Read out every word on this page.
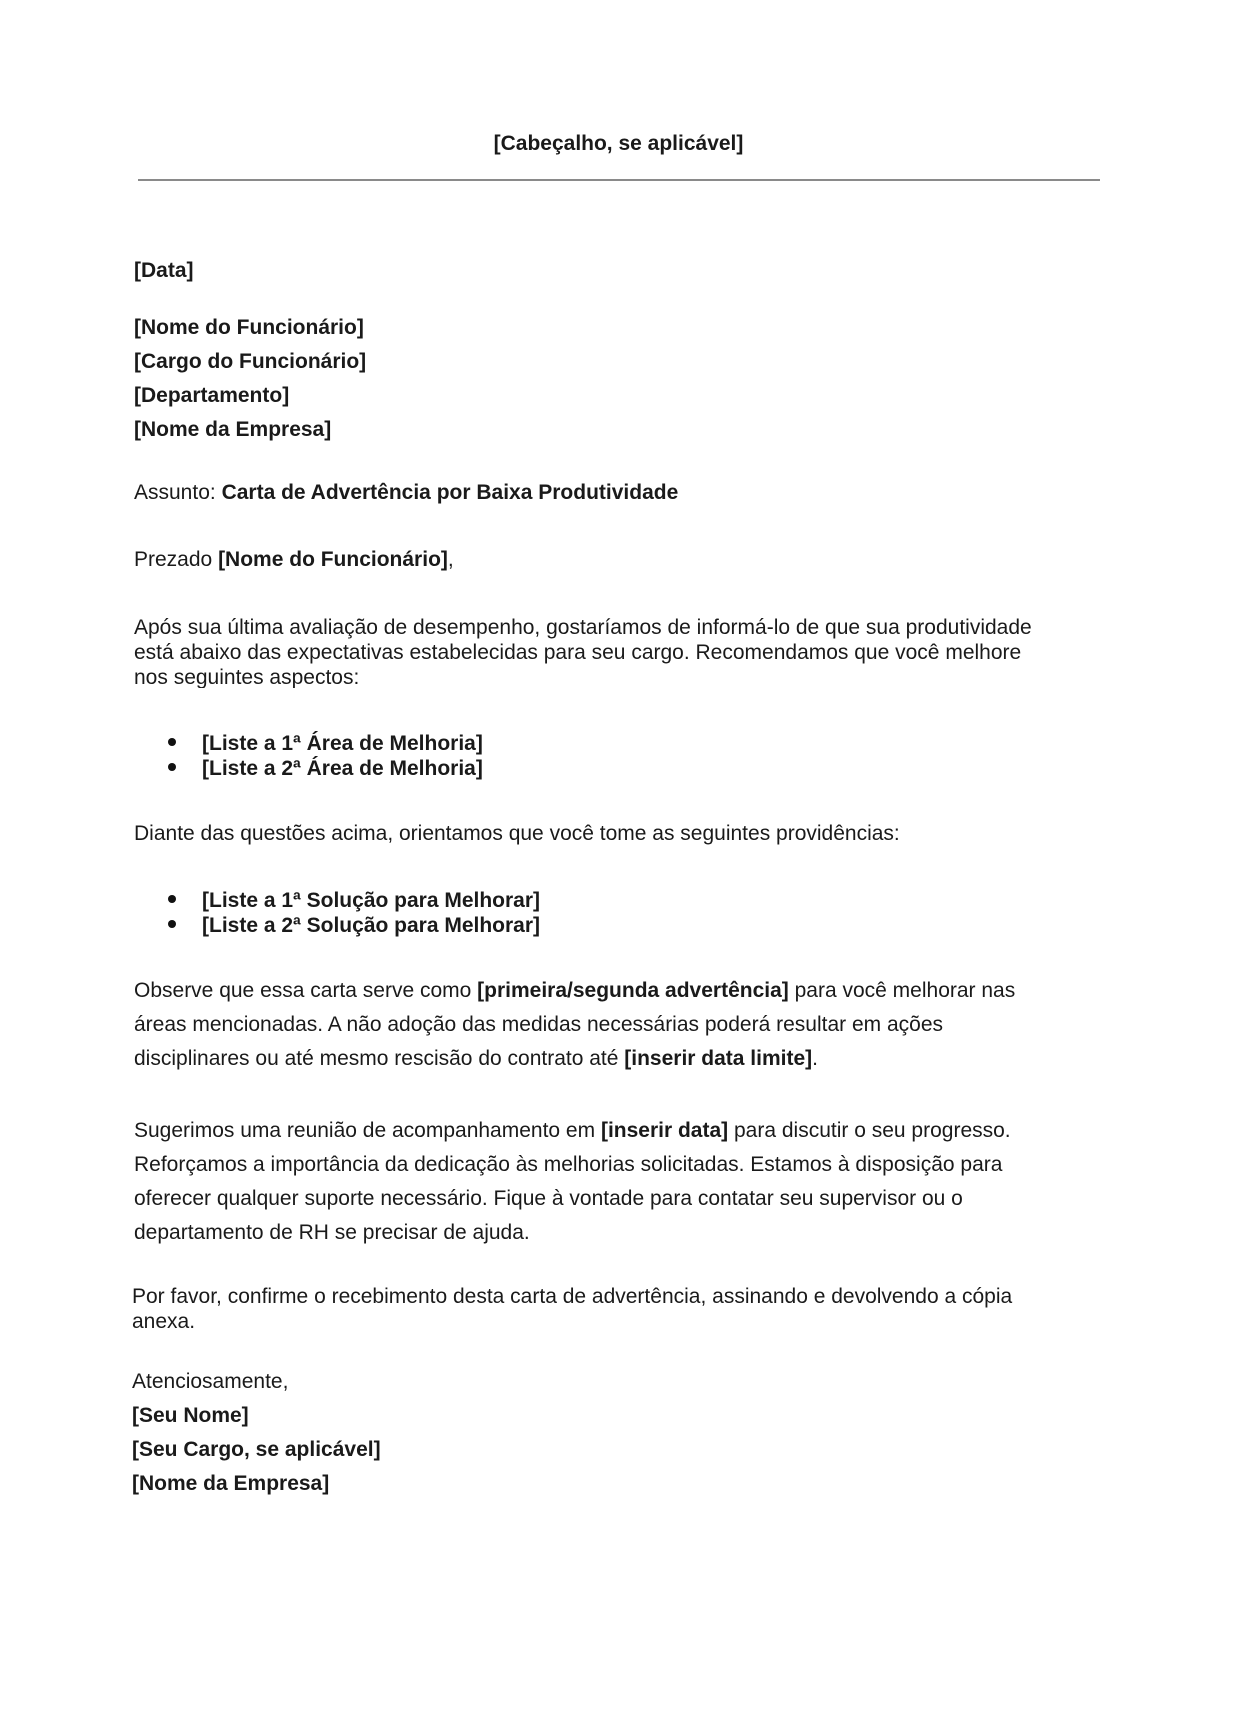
[Cabeçalho, se aplicável]
[Data]
[Nome do Funcionário]
[Cargo do Funcionário]
[Departamento]
[Nome da Empresa]
Assunto: Carta de Advertência por Baixa Produtividade
Prezado [Nome do Funcionário],
Após sua última avaliação de desempenho, gostaríamos de informá-lo de que sua produtividade
está abaixo das expectativas estabelecidas para seu cargo. Recomendamos que você melhore
nos seguintes aspectos:
[Liste a 1ª Área de Melhoria]
[Liste a 2ª Área de Melhoria]
Diante das questões acima, orientamos que você tome as seguintes providências:
[Liste a 1ª Solução para Melhorar]
[Liste a 2ª Solução para Melhorar]
Observe que essa carta serve como [primeira/segunda advertência] para você melhorar nas
áreas mencionadas. A não adoção das medidas necessárias poderá resultar em ações
disciplinares ou até mesmo rescisão do contrato até [inserir data limite].
Sugerimos uma reunião de acompanhamento em [inserir data] para discutir o seu progresso.
Reforçamos a importância da dedicação às melhorias solicitadas. Estamos à disposição para
oferecer qualquer suporte necessário. Fique à vontade para contatar seu supervisor ou o
departamento de RH se precisar de ajuda.
Por favor, confirme o recebimento desta carta de advertência, assinando e devolvendo a cópia
anexa.
Atenciosamente,
[Seu Nome]
[Seu Cargo, se aplicável]
[Nome da Empresa]
